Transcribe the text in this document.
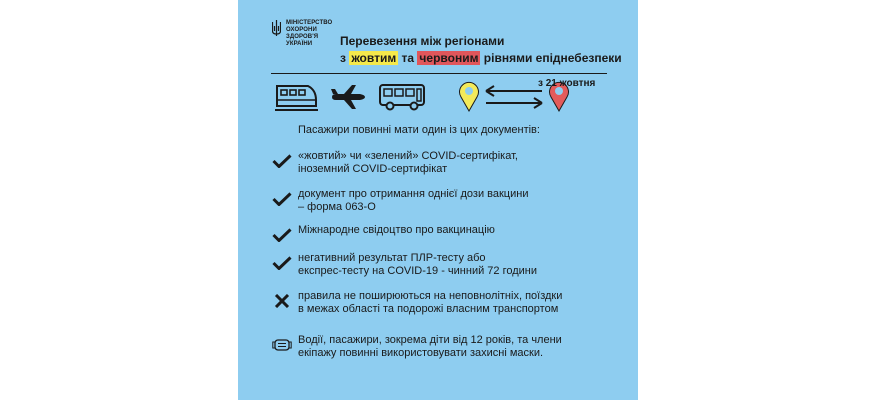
МІНІСТЕРСТВО
ОХОРОНИ
ЗДОРОВ'Я
УКРАЇНИ	Перевезення між регіонами
з жовтим та червоним рівнями епіднебезпеки
з 21 жовтня
Пасажири повинні мати один із цих документів:
«жовтий» чи «зелений» COVID-сертифікат,
іноземний COVID-сертифікат
документ про отримання однієї дози вакцини
– форма 063-О
Міжнародне свідоцтво про вакцинацію
негативний результат ПЛР-тесту або
експрес-тесту на COVID-19 - чинний 72 години
правила не поширюються на неповнолітніх, поїздки
в межах області та подорожі власним транспортом
Водії, пасажири, зокрема діти від 12 років, та члени
екіпажу повинні використовувати захисні маски.
